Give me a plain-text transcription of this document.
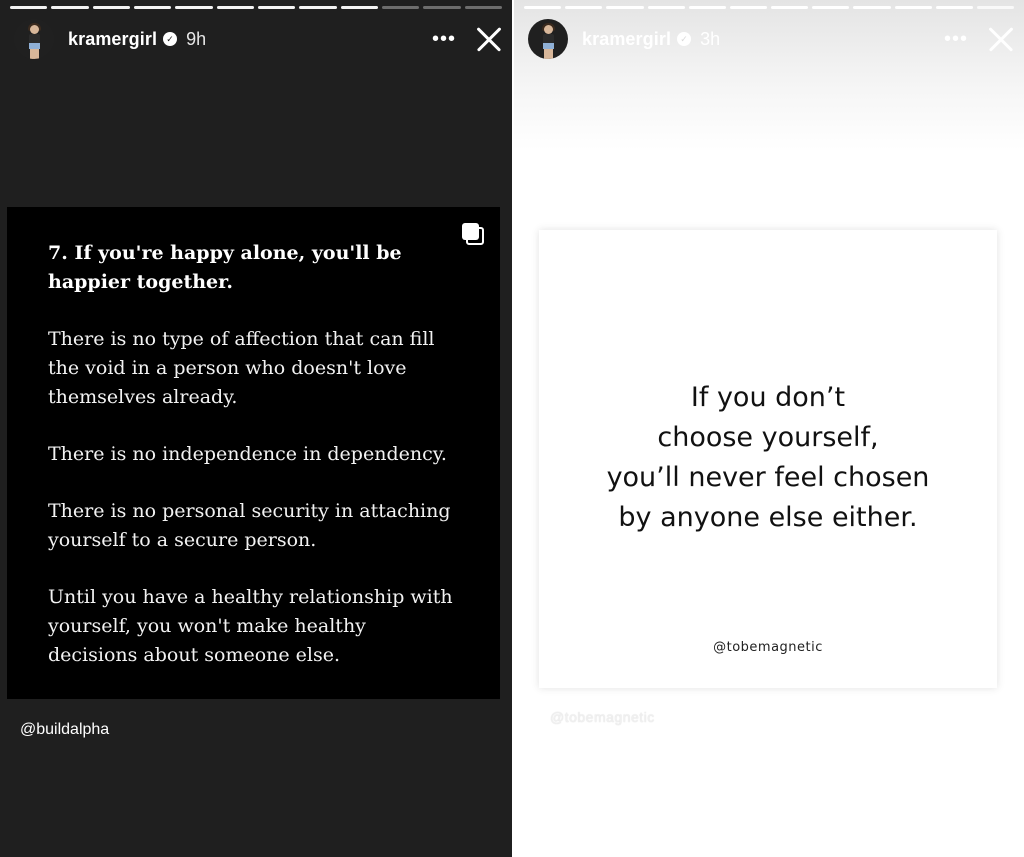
kramergirl	✓ 9h	•••
7. If you're happy alone, you'll be happier together.

There is no type of affection that can fill the void in a person who doesn't love themselves already.

There is no independence in dependency.

There is no personal security in attaching yourself to a secure person.

Until you have a healthy relationship with yourself, you won't make healthy decisions about someone else.

@buildalpha
kramergirl	✓ 3h	•••
If you don’t
choose yourself,
you’ll never feel chosen
by anyone else either.
@tobemagnetic
@tobemagnetic
